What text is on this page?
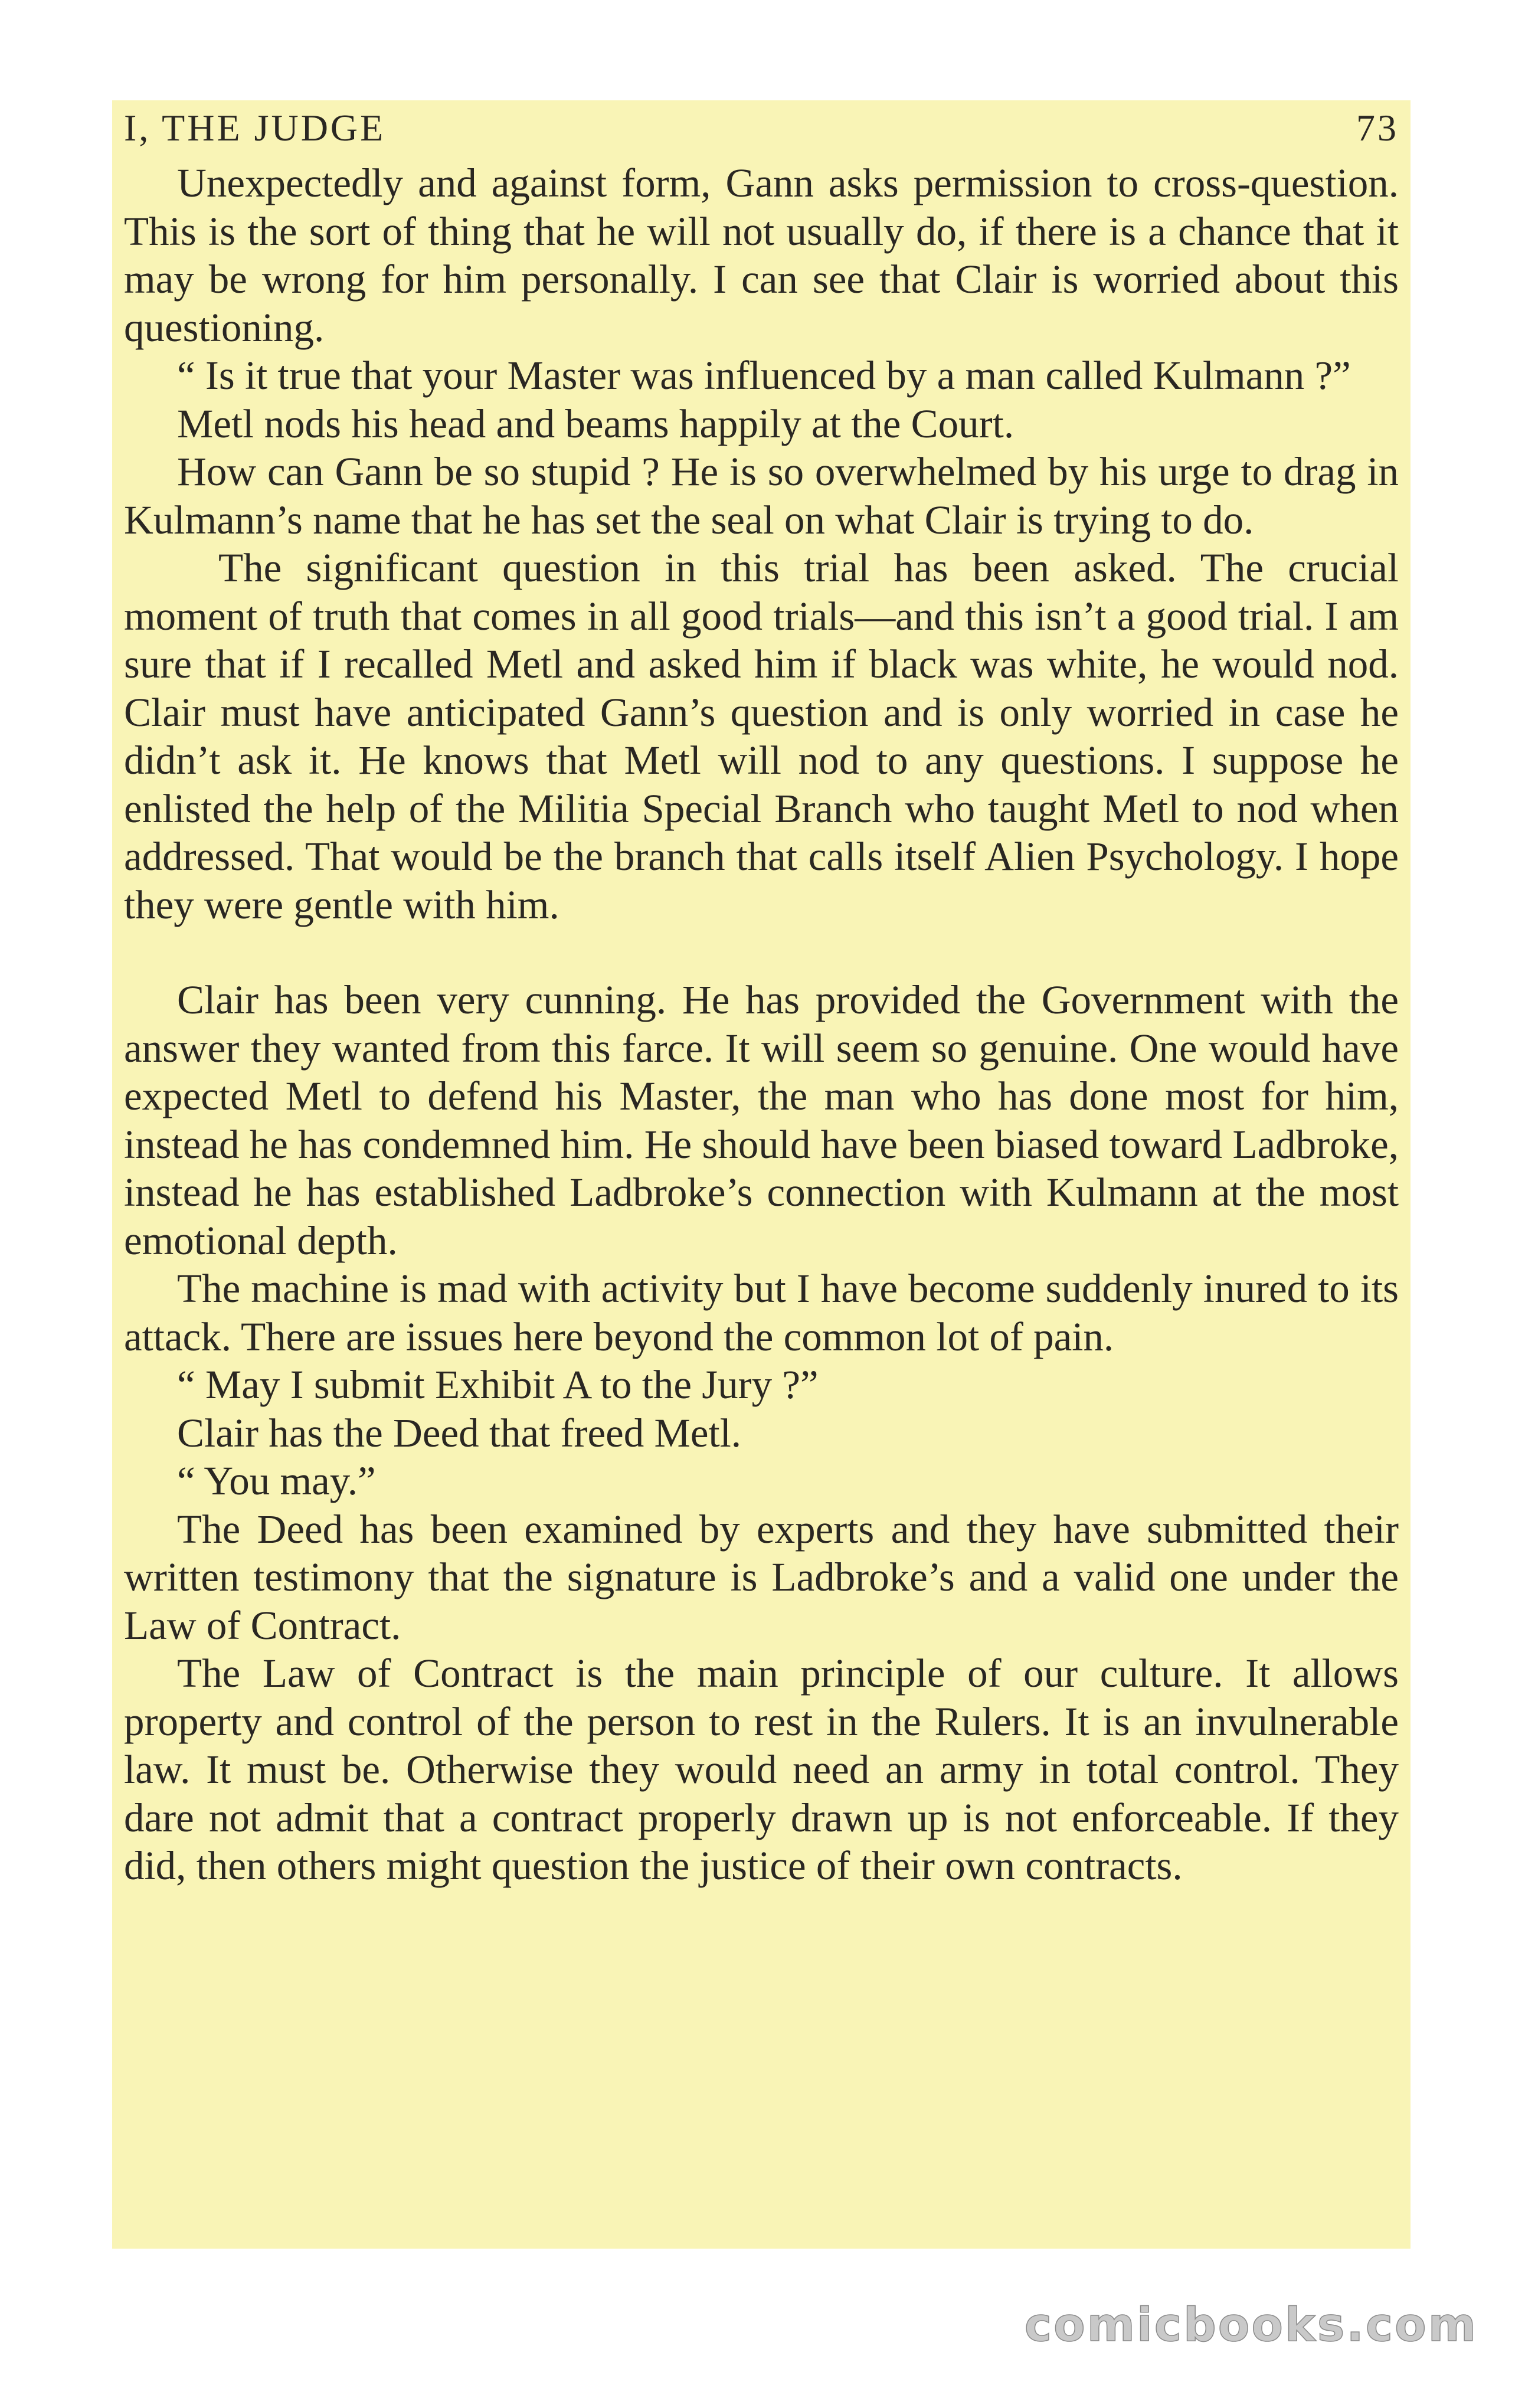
I, THE JUDGE	73

Unexpectedly and against form, Gann asks permission to cross-question. This is the sort of thing that he will not usually do, if there is a chance that it may be wrong for him personally. I can see that Clair is worried about this questioning.

“ Is it true that your Master was influenced by a man called Kulmann ?”

Metl nods his head and beams happily at the Court.

How can Gann be so stupid ? He is so overwhelmed by his urge to drag in Kulmann’s name that he has set the seal on what Clair is trying to do.

The significant question in this trial has been asked. The crucial moment of truth that comes in all good trials—and this isn’t a good trial. I am sure that if I recalled Metl and asked him if black was white, he would nod. Clair must have anticipated Gann’s question and is only worried in case he didn’t ask it. He knows that Metl will nod to any questions. I suppose he enlisted the help of the Militia Special Branch who taught Metl to nod when addressed. That would be the branch that calls itself Alien Psychology. I hope they were gentle with him.

Clair has been very cunning. He has provided the Government with the answer they wanted from this farce. It will seem so genuine. One would have expected Metl to defend his Master, the man who has done most for him, instead he has condemned him. He should have been biased toward Ladbroke, instead he has established Ladbroke’s connection with Kulmann at the most emotional depth.

The machine is mad with activity but I have become suddenly inured to its attack. There are issues here beyond the common lot of pain.

“ May I submit Exhibit A to the Jury ?”

Clair has the Deed that freed Metl.

“ You may.”

The Deed has been examined by experts and they have submitted their written testimony that the signature is Ladbroke’s and a valid one under the Law of Contract.

The Law of Contract is the main principle of our culture. It allows property and control of the person to rest in the Rulers. It is an invulnerable law. It must be. Otherwise they would need an army in total control. They dare not admit that a contract properly drawn up is not enforceable. If they did, then others might question the justice of their own contracts.

comicbooks.com
